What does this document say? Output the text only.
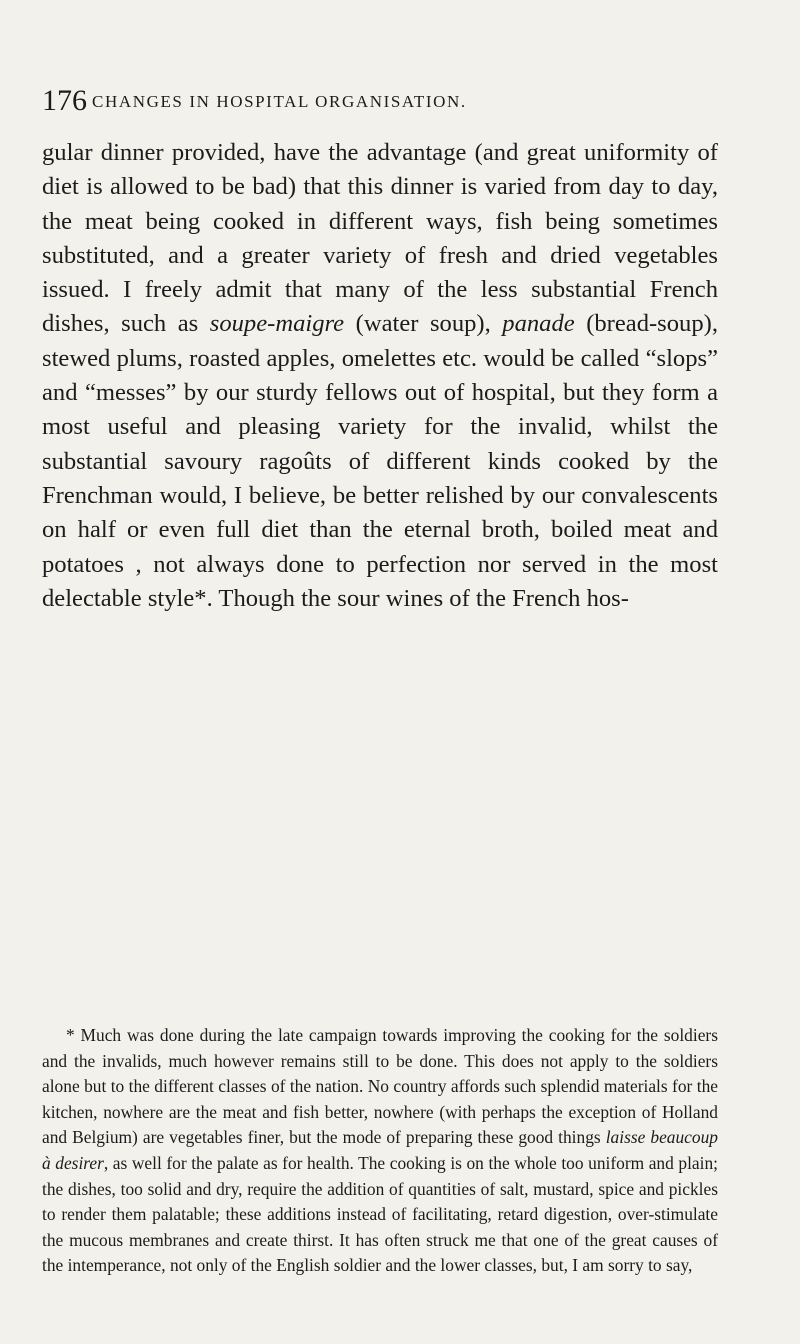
176 CHANGES IN HOSPITAL ORGANISATION.

gular dinner provided, have the advantage (and great uniformity of diet is allowed to be bad) that this dinner is varied from day to day, the meat being cooked in different ways, fish being sometimes substituted, and a greater variety of fresh and dried vegetables issued. I freely admit that many of the less substantial French dishes, such as soupe-maigre (water soup), panade (bread-soup), stewed plums, roasted apples, omelettes etc. would be called “slops” and “messes” by our sturdy fellows out of hospital, but they form a most useful and pleasing variety for the invalid, whilst the substantial savoury ragoûts of different kinds cooked by the Frenchman would, I believe, be better relished by our convalescents on half or even full diet than the eternal broth, boiled meat and potatoes , not always done to perfection nor served in the most delectable style*. Though the sour wines of the French hos-

* Much was done during the late campaign towards improving the cooking for the soldiers and the invalids, much however remains still to be done. This does not apply to the soldiers alone but to the different classes of the nation. No country affords such splendid materials for the kitchen, nowhere are the meat and fish better, nowhere (with perhaps the exception of Holland and Belgium) are vegetables finer, but the mode of preparing these good things laisse beaucoup à desirer, as well for the palate as for health. The cooking is on the whole too uniform and plain; the dishes, too solid and dry, require the addition of quantities of salt, mustard, spice and pickles to render them palatable; these additions instead of facilitating, retard digestion, over-stimulate the mucous membranes and create thirst. It has often struck me that one of the great causes of the intemperance, not only of the English soldier and the lower classes, but, I am sorry to say,
